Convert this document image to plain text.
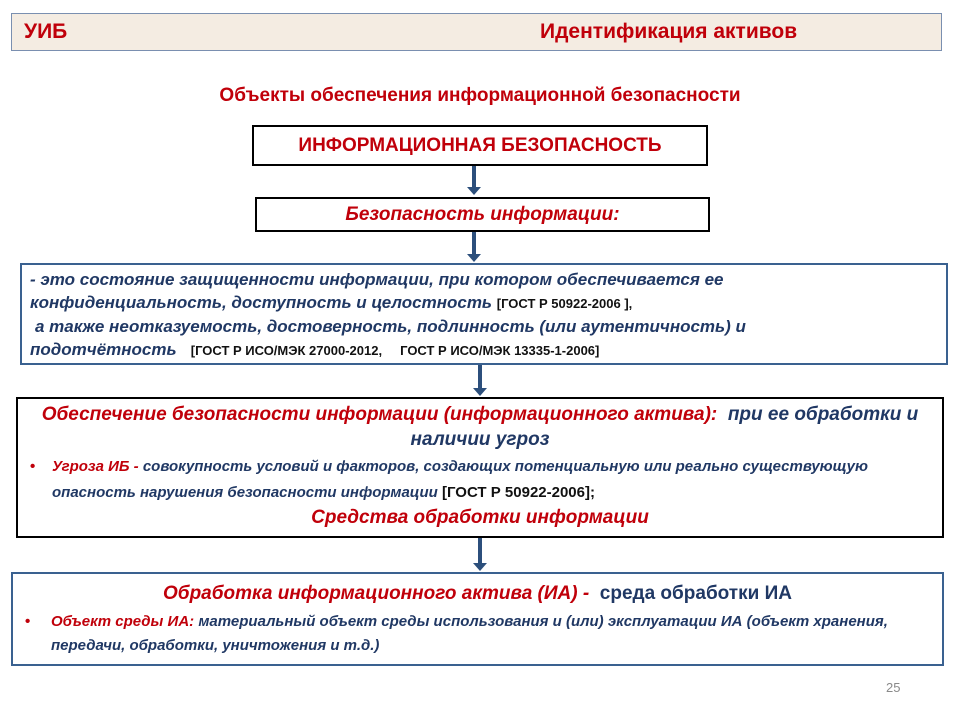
УИБ	Идентификация активов
Объекты обеспечения информационной безопасности
ИНФОРМАЦИОННАЯ БЕЗОПАСНОСТЬ
Безопасность информации:
- это состояние защищенности информации, при котором обеспечивается ее
конфиденциальность, доступность и целостность [ГОСТ Р 50922-2006 ],
а также неотказуемость, достоверность, подлинность (или аутентичность) и
подотчётность [ГОСТ Р ИСО/МЭК 27000-2012,     ГОСТ Р ИСО/МЭК 13335-1-2006]
Обеспечение безопасности информации (информационного актива): при ее обработки и наличии угроз
• Угроза ИБ - совокупность условий и факторов, создающих потенциальную или реально существующую опасность нарушения безопасности информации [ГОСТ Р 50922-2006];
Средства обработки информации
Обработка информационного актива (ИА) - среда обработки ИА
• Объект среды ИА: материальный объект среды использования и (или) эксплуатации ИА (объект хранения, передачи, обработки, уничтожения и т.д.)
25
